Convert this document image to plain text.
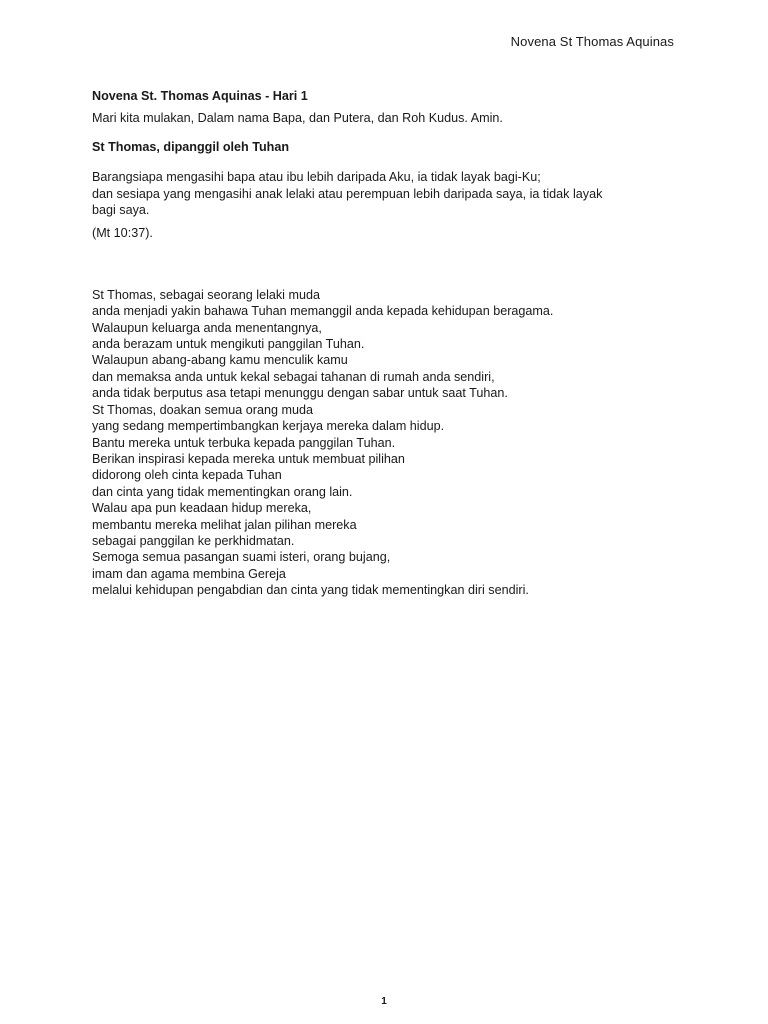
Novena St Thomas Aquinas
Novena St. Thomas Aquinas - Hari 1
Mari kita mulakan, Dalam nama Bapa, dan Putera, dan Roh Kudus. Amin.
St Thomas, dipanggil oleh Tuhan
Barangsiapa mengasihi bapa atau ibu lebih daripada Aku, ia tidak layak bagi-Ku;
dan sesiapa yang mengasihi anak lelaki atau perempuan lebih daripada saya, ia tidak layak
bagi saya.
(Mt 10:37).
St Thomas, sebagai seorang lelaki muda
anda menjadi yakin bahawa Tuhan memanggil anda kepada kehidupan beragama.
Walaupun keluarga anda menentangnya,
anda berazam untuk mengikuti panggilan Tuhan.
Walaupun abang-abang kamu menculik kamu
dan memaksa anda untuk kekal sebagai tahanan di rumah anda sendiri,
anda tidak berputus asa tetapi menunggu dengan sabar untuk saat Tuhan.
St Thomas, doakan semua orang muda
yang sedang mempertimbangkan kerjaya mereka dalam hidup.
Bantu mereka untuk terbuka kepada panggilan Tuhan.
Berikan inspirasi kepada mereka untuk membuat pilihan
didorong oleh cinta kepada Tuhan
dan cinta yang tidak mementingkan orang lain.
Walau apa pun keadaan hidup mereka,
membantu mereka melihat jalan pilihan mereka
sebagai panggilan ke perkhidmatan.
Semoga semua pasangan suami isteri, orang bujang,
imam dan agama membina Gereja
melalui kehidupan pengabdian dan cinta yang tidak mementingkan diri sendiri.
1
